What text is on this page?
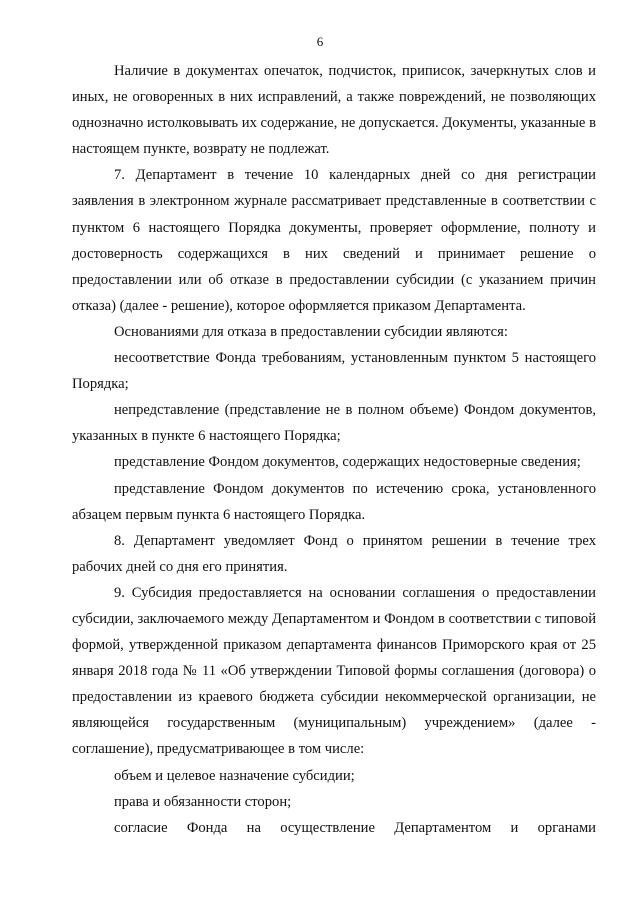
6

Наличие в документах опечаток, подчисток, приписок, зачеркнутых слов и иных, не оговоренных в них исправлений, а также повреждений, не позволяющих однозначно истолковывать их содержание, не допускается. Документы, указанные в настоящем пункте, возврату не подлежат.

7. Департамент в течение 10 календарных дней со дня регистрации заявления в электронном журнале рассматривает представленные в соответствии с пунктом 6 настоящего Порядка документы, проверяет оформление, полноту и достоверность содержащихся в них сведений и принимает решение о предоставлении или об отказе в предоставлении субсидии (с указанием причин отказа) (далее - решение), которое оформляется приказом Департамента.

Основаниями для отказа в предоставлении субсидии являются:

несоответствие Фонда требованиям, установленным пунктом 5 настоящего Порядка;

непредставление (представление не в полном объеме) Фондом документов, указанных в пункте 6 настоящего Порядка;

представление Фондом документов, содержащих недостоверные сведения;

представление Фондом документов по истечению срока, установленного абзацем первым пункта 6 настоящего Порядка.

8. Департамент уведомляет Фонд о принятом решении в течение трех рабочих дней со дня его принятия.

9. Субсидия предоставляется на основании соглашения о предоставлении субсидии, заключаемого между Департаментом и Фондом в соответствии с типовой формой, утвержденной приказом департамента финансов Приморского края от 25 января 2018 года № 11 «Об утверждении Типовой формы соглашения (договора) о предоставлении из краевого бюджета субсидии некоммерческой организации, не являющейся государственным (муниципальным) учреждением» (далее - соглашение), предусматривающее в том числе:

объем и целевое назначение субсидии;

права и обязанности сторон;

согласие Фонда на осуществление Департаментом и органами
